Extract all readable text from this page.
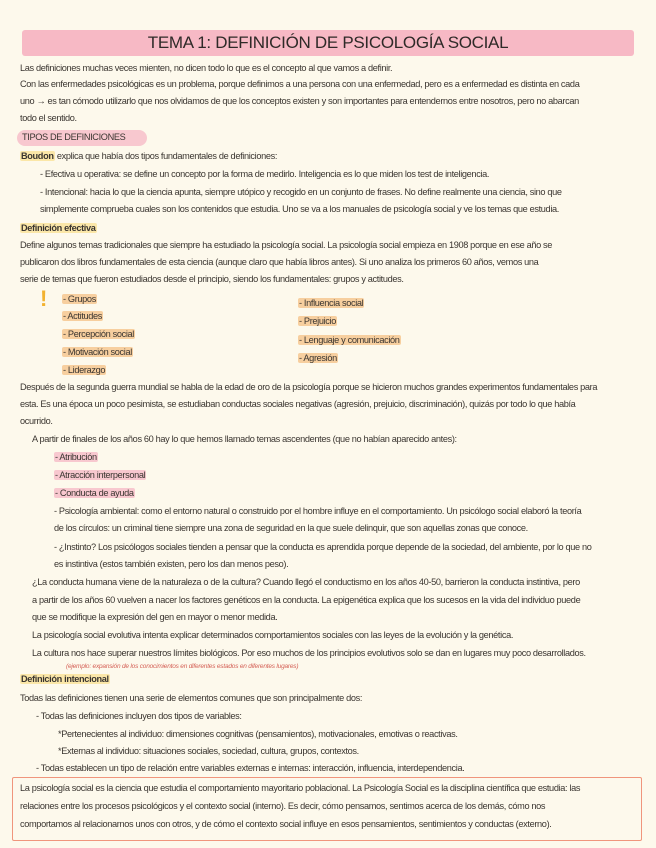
TEMA 1: DEFINICIÓN DE PSICOLOGÍA SOCIAL
Las definiciones muchas veces mienten, no dicen todo lo que es el concepto al que vamos a definir.
Con las enfermedades psicológicas es un problema, porque definimos a una persona con una enfermedad, pero es a enfermedad es distinta en cada
uno → es tan cómodo utilizarlo que nos olvidamos de que los conceptos existen y son importantes para entendernos entre nosotros, pero no abarcan
todo el sentido.
TIPOS DE DEFINICIONES
Boudon explica que había dos tipos fundamentales de definiciones:
- Efectiva u operativa: se define un concepto por la forma de medirlo. Inteligencia es lo que miden los test de inteligencia.
- Intencional: hacia lo que la ciencia apunta, siempre utópico y recogido en un conjunto de frases. No define realmente una ciencia, sino que
simplemente comprueba cuales son los contenidos que estudia. Uno se va a los manuales de psicología social y ve los temas que estudia.
Definición efectiva
Define algunos temas tradicionales que siempre ha estudiado la psicología social. La psicología social empieza en 1908 porque en ese año se
publicaron dos libros fundamentales de esta ciencia (aunque claro que había libros antes). Si uno analiza los primeros 60 años, vemos una
serie de temas que fueron estudiados desde el principio, siendo los fundamentales: grupos y actitudes.
! - Grupos
- Actitudes
- Percepción social
- Motivación social
- Liderazgo
- Influencia social
- Prejuicio
- Lenguaje y comunicación
- Agresión
Después de la segunda guerra mundial se habla de la edad de oro de la psicología porque se hicieron muchos grandes experimentos fundamentales para
esta. Es una época un poco pesimista, se estudiaban conductas sociales negativas (agresión, prejuicio, discriminación), quizás por todo lo que había
ocurrido.
A partir de finales de los años 60 hay lo que hemos llamado temas ascendentes (que no habían aparecido antes):
- Atribución
- Atracción interpersonal
- Conducta de ayuda
- Psicología ambiental: como el entorno natural o construido por el hombre influye en el comportamiento. Un psicólogo social elaboró la teoría
de los círculos: un criminal tiene siempre una zona de seguridad en la que suele delinquir, que son aquellas zonas que conoce.
- ¿Instinto? Los psicólogos sociales tienden a pensar que la conducta es aprendida porque depende de la sociedad, del ambiente, por lo que no
es instintiva (estos también existen, pero los dan menos peso).
¿La conducta humana viene de la naturaleza o de la cultura? Cuando llegó el conductismo en los años 40-50, barrieron la conducta instintiva, pero
a partir de los años 60 vuelven a nacer los factores genéticos en la conducta. La epigenética explica que los sucesos en la vida del individuo puede
que se modifique la expresión del gen en mayor o menor medida.
La psicología social evolutiva intenta explicar determinados comportamientos sociales con las leyes de la evolución y la genética.
La cultura nos hace superar nuestros límites biológicos. Por eso muchos de los principios evolutivos solo se dan en lugares muy poco desarrollados.
(ejemplo: expansión de los conocimientos en diferentes estados en diferentes lugares)
Definición intencional
Todas las definiciones tienen una serie de elementos comunes que son principalmente dos:
- Todas las definiciones incluyen dos tipos de variables:
*Pertenecientes al individuo: dimensiones cognitivas (pensamientos), motivacionales, emotivas o reactivas.
*Externas al individuo: situaciones sociales, sociedad, cultura, grupos, contextos.
- Todas establecen un tipo de relación entre variables externas e internas: interacción, influencia, interdependencia.
La psicología social es la ciencia que estudia el comportamiento mayoritario poblacional. La Psicología Social es la disciplina científica que estudia: las
relaciones entre los procesos psicológicos y el contexto social (interno). Es decir, cómo pensamos, sentimos acerca de los demás, cómo nos
comportamos al relacionarnos unos con otros, y de cómo el contexto social influye en esos pensamientos, sentimientos y conductas (externo).
